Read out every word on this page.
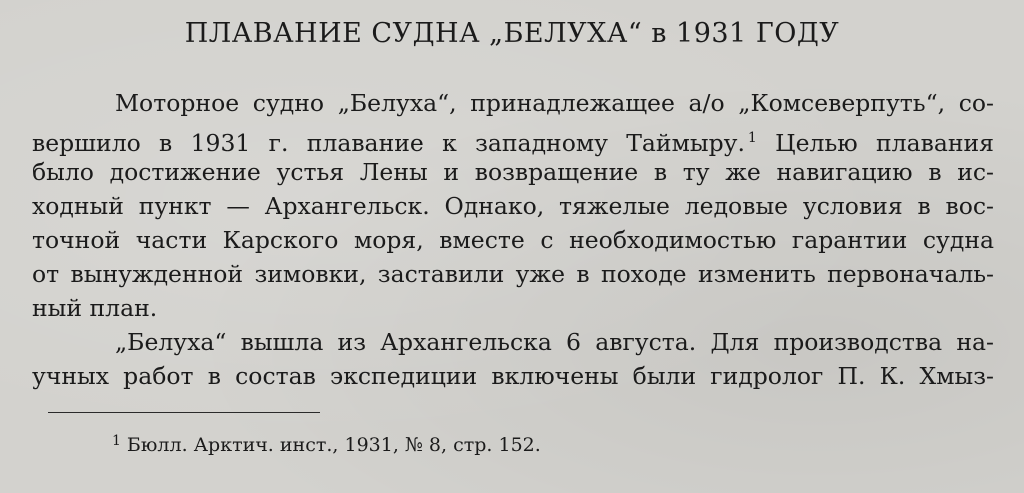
ПЛАВАНИЕ СУДНА „БЕЛУХА“ в 1931 ГОДУ
Моторное судно „Белуха“, принадлежащее а/о „Комсеверпуть“, со-
вершило в 1931 г. плавание к западному Таймыру. $^1$ Целью плавания
было достижение устья Лены и возвращение в ту же навигацию в ис-
ходный пункт — Архангельск. Однако, тяжелые ледовые условия в вос-
точной части Карского моря, вместе с необходимостью гарантии судна
от вынужденной зимовки, заставили уже в походе изменить первоначаль-
ный план.
„Белуха“ вышла из Архангельска 6 августа. Для производства на-
учных работ в состав экспедиции включены были гидролог П. К. Хмыз-
$^1$ Бюлл. Арктич. инст., 1931, № 8, стр. 152.
